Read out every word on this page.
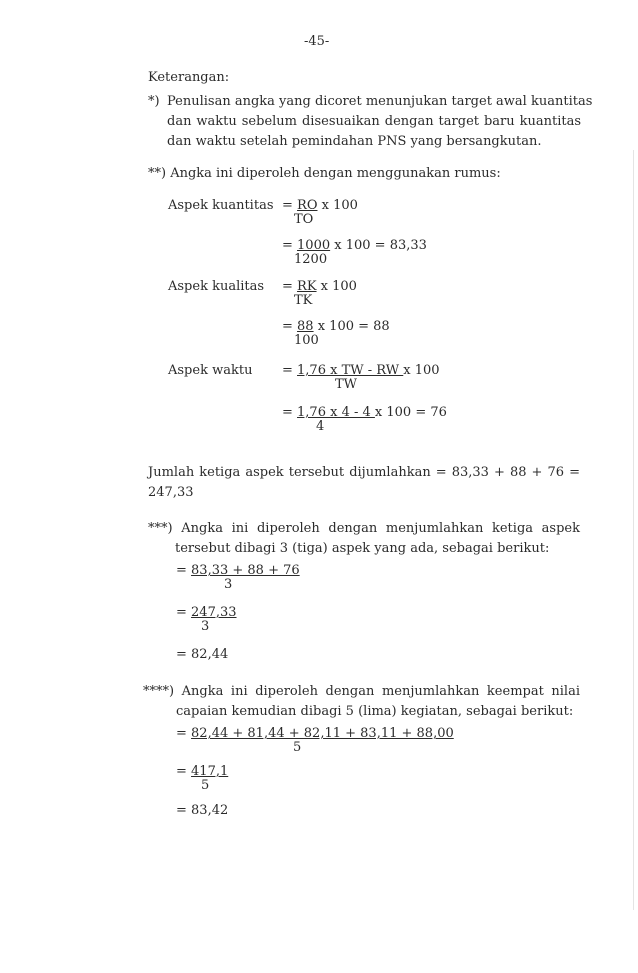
-45-
Keterangan:
*) Penulisan angka yang dicoret menunjukan target awal kuantitas
dan waktu sebelum disesuaikan dengan target baru kuantitas
dan waktu setelah pemindahan PNS yang bersangkutan.
**) Angka ini diperoleh dengan menggunakan rumus:
Aspek kuantitas = RO x 100
TO
= 1000 x 100 = 83,33
1200
Aspek kualitas = RK x 100
TK
= 88 x 100 = 88
100
Aspek waktu = 1,76 x TW - RW x 100
TW
= 1,76 x 4 - 4 x 100 = 76
4
Jumlah ketiga aspek tersebut dijumlahkan = 83,33 + 88 + 76 =
247,33
***) Angka ini diperoleh dengan menjumlahkan ketiga aspek
tersebut dibagi 3 (tiga) aspek yang ada, sebagai berikut:
= 83,33 + 88 + 76
3
= 247,33
3
= 82,44
****) Angka ini diperoleh dengan menjumlahkan keempat nilai
capaian kemudian dibagi 5 (lima) kegiatan, sebagai berikut:
= 82,44 + 81,44 + 82,11 + 83,11 + 88,00
5
= 417,1
5
= 83,42
